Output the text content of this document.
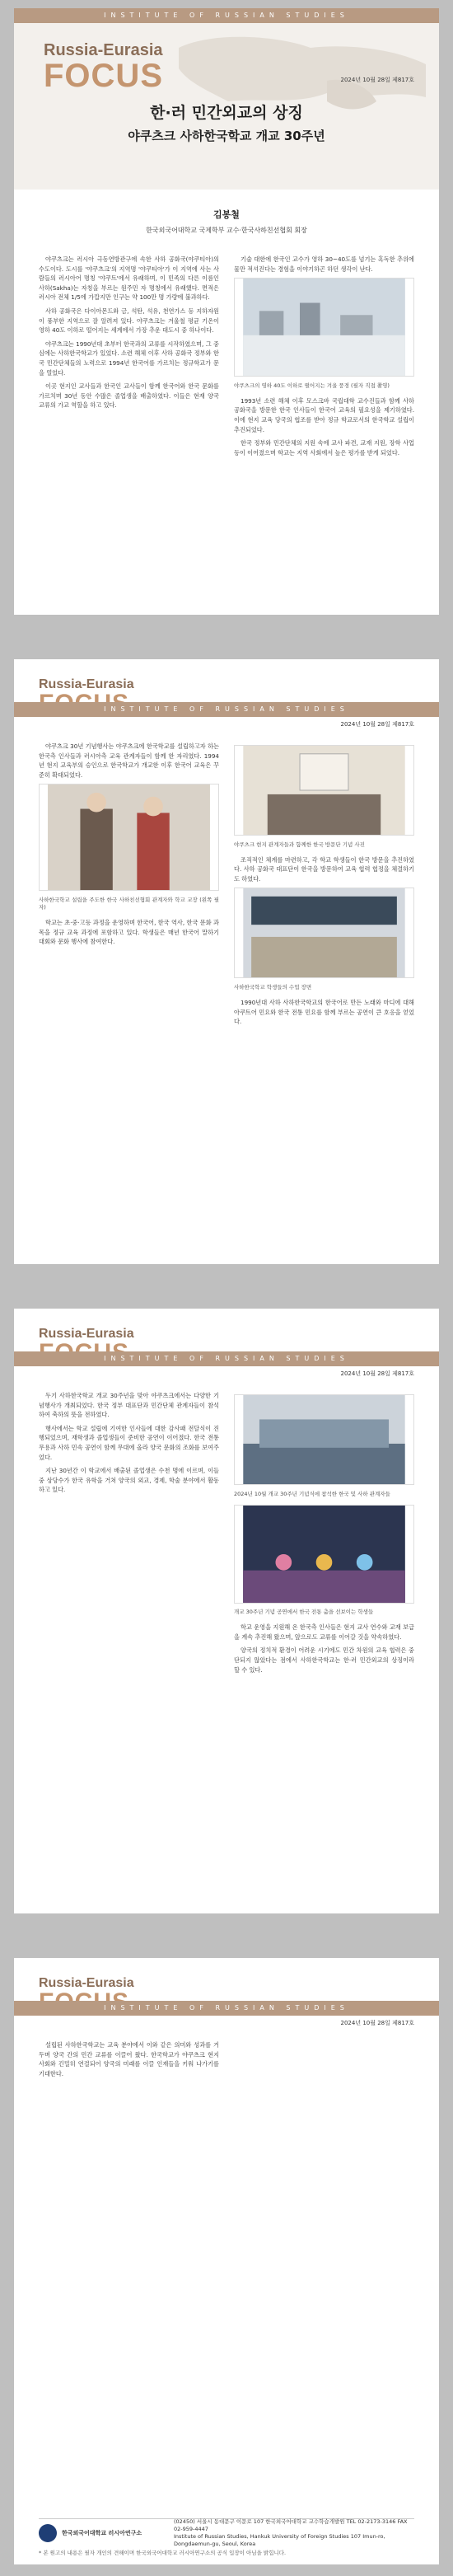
INSTITUTE OF RUSSIAN STUDIES
Russia-Eurasia
FOCUS	2024년 10월 28일 제817호
한·러 민간외교의 상징
야쿠츠크 사하한국학교 개교 30주년
김봉철
한국외국어대학교 국제학부 교수·한국사하친선협회 회장

야쿠츠크는 러시아 극동연방관구에 속한 사하 공화국(야쿠티아)의 수도이다. 도시를 '야쿠츠크'의 지역명 '야쿠티아'가 이 지역에 사는 사람들의 러시아어 명칭 '야쿠트'에서 유래하며, 이 민족의 다른 이름인 사하(Sakha)는 자칭을 부르는 원주민 자 명칭에서 유래했다. 면적은 러시아 전체 1/5에 가깝지만 인구는 약 100만 명 가량에 불과하다.

사하 공화국은 다이아몬드와 금, 석탄, 석유, 천연가스 등 지하자원이 풍부한 지역으로 잘 알려져 있다. 야쿠츠크는 겨울철 평균 기온이 영하 40도 이하로 떨어지는 세계에서 가장 추운 대도시 중 하나이다.

야쿠츠크는 1990년대 초부터 한국과의 교류를 시작하였으며, 그 중심에는 사하한국학교가 있었다. 소련 해체 이후 사하 공화국 정부와 한국 민간단체들의 노력으로 1994년 한국어를 가르치는 정규학교가 문을 열었다.

이곳 현지인 교사들과 한국인 교사들이 함께 한국어와 한국 문화를 가르치며 30년 동안 수많은 졸업생을 배출하였다. 이들은 현재 양국 교류의 가교 역할을 하고 있다.

기술 대한에 한국인 교수가 영하 30~40도를 넘기는 혹독한 추위에 물만 적셔진다는 경험을 이야기하곤 하던 생각이 난다.

야쿠츠크의 영하 40도 이하로 떨어지는 겨울 풍경 (필자 직접 촬영)

1993년 소련 해체 이후 모스크바 국립대학 교수진들과 함께 사하 공화국을 방문한 한국 인사들이 한국어 교육의 필요성을 제기하였다. 이에 현지 교육 당국의 협조를 받아 정규 학교로서의 한국학교 설립이 추진되었다.

한국 정부와 민간단체의 지원 속에 교사 파견, 교재 지원, 장학 사업 등이 이어졌으며 학교는 지역 사회에서 높은 평가를 받게 되었다.

Russia-Eurasia
INSTITUTE OF RUSSIAN STUDIES
2024년 10월 28일 제817호

야쿠츠크 30년 기념행사는 야쿠츠크에 한국학교를 설립하고자 하는 한국측 인사들과 러시아측 교육 관계자들이 함께 한 자리였다. 1994년 현지 교육부의 승인으로 한국학교가 개교한 이후 한국어 교육은 꾸준히 확대되었다.

사하한국학교 설립을 주도한 한국 사하친선협회 관계자와 학교 교장 (왼쪽 필자)

학교는 초·중·고등 과정을 운영하며 한국어, 한국 역사, 한국 문화 과목을 정규 교육 과정에 포함하고 있다. 학생들은 매년 한국어 말하기 대회와 문화 행사에 참여한다.

야쿠츠크 현지 관계자들과 함께한 한국 방문단 기념 사진

조직적인 체계를 마련하고, 각 학교 학생들이 한국 방문을 추진하였다. 사하 공화국 대표단이 한국을 방문하여 교육 협력 협정을 체결하기도 하였다.

사하한국학교 학생들의 수업 장면

1990년대 사하 사하한국학교의 한국어로 만든 노래와 마디에 대해 아쿠트어 민요와 한국 전통 민요를 함께 부르는 공연이 큰 호응을 얻었다.

Russia-Eurasia
INSTITUTE OF RUSSIAN STUDIES
2024년 10월 28일 제817호

두기 사하한국학교 개교 30주년을 맞아 야쿠츠크에서는 다양한 기념행사가 개최되었다. 한국 정부 대표단과 민간단체 관계자들이 참석하여 축하의 뜻을 전하였다.

행사에서는 학교 설립에 기여한 인사들에 대한 감사패 전달식이 진행되었으며, 재학생과 졸업생들이 준비한 공연이 이어졌다. 한국 전통 무용과 사하 민속 공연이 함께 무대에 올라 양국 문화의 조화를 보여주었다.

지난 30년간 이 학교에서 배출된 졸업생은 수천 명에 이르며, 이들 중 상당수가 한국 유학을 거쳐 양국의 외교, 경제, 학술 분야에서 활동하고 있다.

2024년 10월 개교 30주년 기념식에 참석한 한국 및 사하 관계자들
개교 30주년 기념 공연에서 한국 전통 춤을 선보이는 학생들

학교 운영을 지원해 온 한국측 인사들은 현지 교사 연수와 교재 보급을 계속 추진해 왔으며, 앞으로도 교류를 이어갈 것을 약속하였다.

양국의 정치적 환경이 어려운 시기에도 민간 차원의 교육 협력은 중단되지 않았다는 점에서 사하한국학교는 한·러 민간외교의 상징이라 할 수 있다.

Russia-Eurasia
INSTITUTE OF RUSSIAN STUDIES
2024년 10월 28일 제817호

설립된 사하한국학교는 교육 분야에서 이와 같은 의미와 성과를 거두며 양국 간의 민간 교류를 이끌어 왔다. 한국학교가 야쿠츠크 현지 사회와 긴밀히 연결되어 양국의 미래를 이끌 인재들을 키워 나가기를 기대한다.

한국외국어대학교 러시아연구소
(02450) 서울시 동대문구 이문로 107 한국외국어대학교 교수학습개발원 TEL 02-2173-3146 FAX 02-959-4447
Institute of Russian Studies, Hankuk University of Foreign Studies 107 Imun-ro, Dongdaemun-gu, Seoul, Korea
* 본 원고의 내용은 필자 개인의 견해이며 한국외국어대학교 러시아연구소의 공식 입장이 아님을 밝힙니다.
